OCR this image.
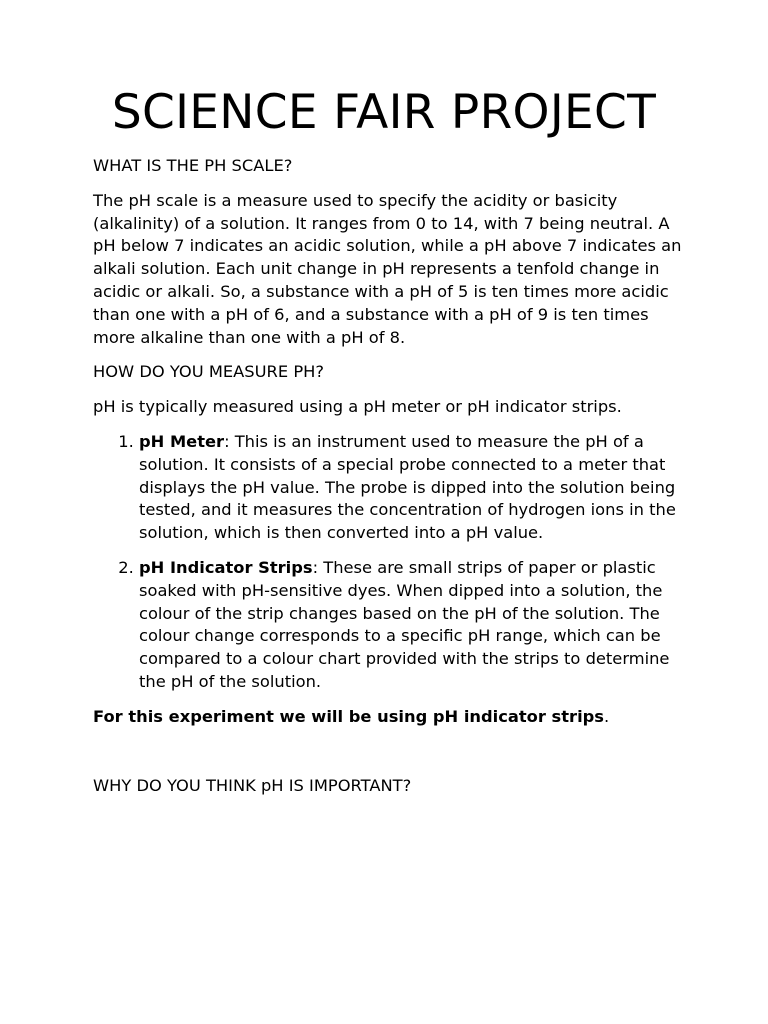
SCIENCE FAIR PROJECT

WHAT IS THE PH SCALE?

The pH scale is a measure used to specify the acidity or basicity (alkalinity) of a solution. It ranges from 0 to 14, with 7 being neutral. A pH below 7 indicates an acidic solution, while a pH above 7 indicates an alkali solution. Each unit change in pH represents a tenfold change in acidic or alkali. So, a substance with a pH of 5 is ten times more acidic than one with a pH of 6, and a substance with a pH of 9 is ten times more alkaline than one with a pH of 8.

HOW DO YOU MEASURE PH?

pH is typically measured using a pH meter or pH indicator strips.

1. pH Meter: This is an instrument used to measure the pH of a solution. It consists of a special probe connected to a meter that displays the pH value. The probe is dipped into the solution being tested, and it measures the concentration of hydrogen ions in the solution, which is then converted into a pH value.
2. pH Indicator Strips: These are small strips of paper or plastic soaked with pH-sensitive dyes. When dipped into a solution, the colour of the strip changes based on the pH of the solution. The colour change corresponds to a specific pH range, which can be compared to a colour chart provided with the strips to determine the pH of the solution.

For this experiment we will be using pH indicator strips.

WHY DO YOU THINK pH IS IMPORTANT?
